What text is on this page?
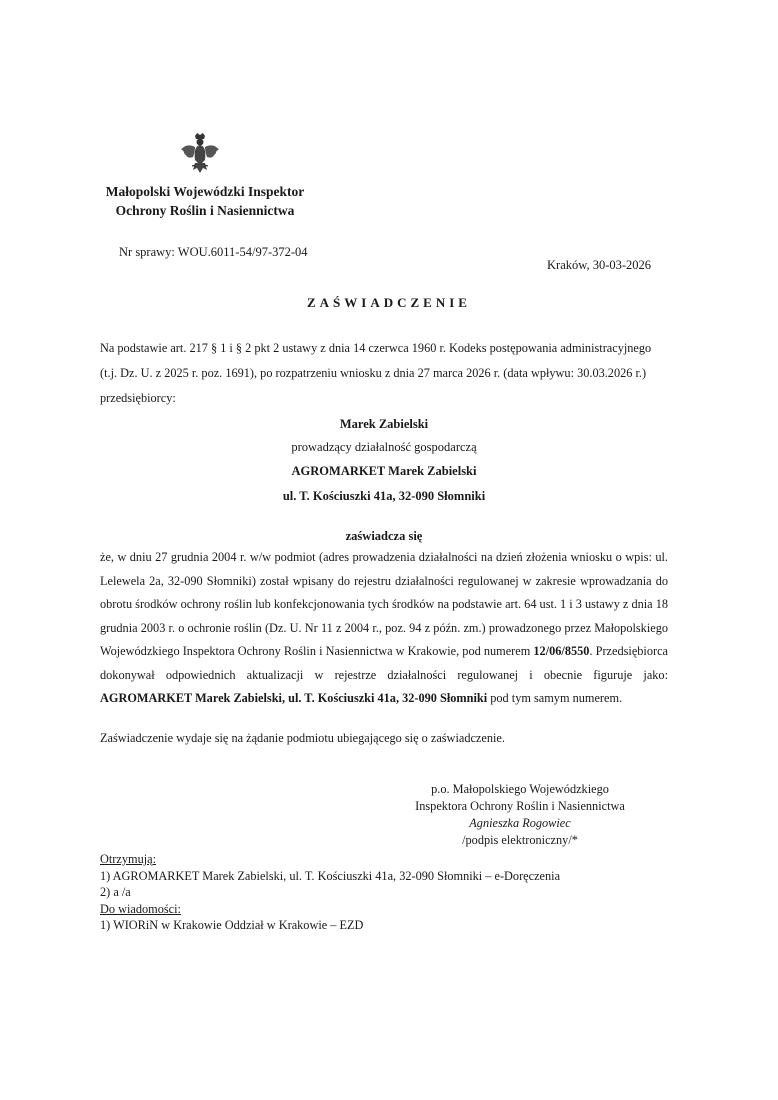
Małopolski Wojewódzki Inspektor
Ochrony Roślin i Nasiennictwa
Nr sprawy: WOU.6011-54/97-372-04
Kraków, 30-03-2026
ZAŚWIADCZENIE
Na podstawie art. 217 § 1 i § 2 pkt 2 ustawy z dnia 14 czerwca 1960 r. Kodeks postępowania administracyjnego (t.j. Dz. U. z 2025 r. poz. 1691), po rozpatrzeniu wniosku z dnia 27 marca 2026 r. (data wpływu: 30.03.2026 r.) przedsiębiorcy:
Marek Zabielski
prowadzący działalność gospodarczą
AGROMARKET Marek Zabielski
ul. T. Kościuszki 41a, 32-090 Słomniki
zaświadcza się
że, w dniu 27 grudnia 2004 r. w/w podmiot (adres prowadzenia działalności na dzień złożenia wniosku o wpis: ul. Lelewela 2a, 32-090 Słomniki) został wpisany do rejestru działalności regulowanej w zakresie wprowadzania do obrotu środków ochrony roślin lub konfekcjonowania tych środków na podstawie art. 64 ust. 1 i 3 ustawy z dnia 18 grudnia 2003 r. o ochronie roślin (Dz. U. Nr 11 z 2004 r., poz. 94 z późn. zm.) prowadzonego przez Małopolskiego Wojewódzkiego Inspektora Ochrony Roślin i Nasiennictwa w Krakowie, pod numerem 12/06/8550. Przedsiębiorca dokonywał odpowiednich aktualizacji w rejestrze działalności regulowanej i obecnie figuruje jako: AGROMARKET Marek Zabielski, ul. T. Kościuszki 41a, 32-090 Słomniki pod tym samym numerem.
Zaświadczenie wydaje się na żądanie podmiotu ubiegającego się o zaświadczenie.
p.o. Małopolskiego Wojewódzkiego
Inspektora Ochrony Roślin i Nasiennictwa
Agnieszka Rogowiec
/podpis elektroniczny/*
Otrzymują:
1) AGROMARKET Marek Zabielski, ul. T. Kościuszki 41a, 32-090 Słomniki – e-Doręczenia
2) a /a
Do wiadomości:
1) WIORiN w Krakowie Oddział w Krakowie – EZD
